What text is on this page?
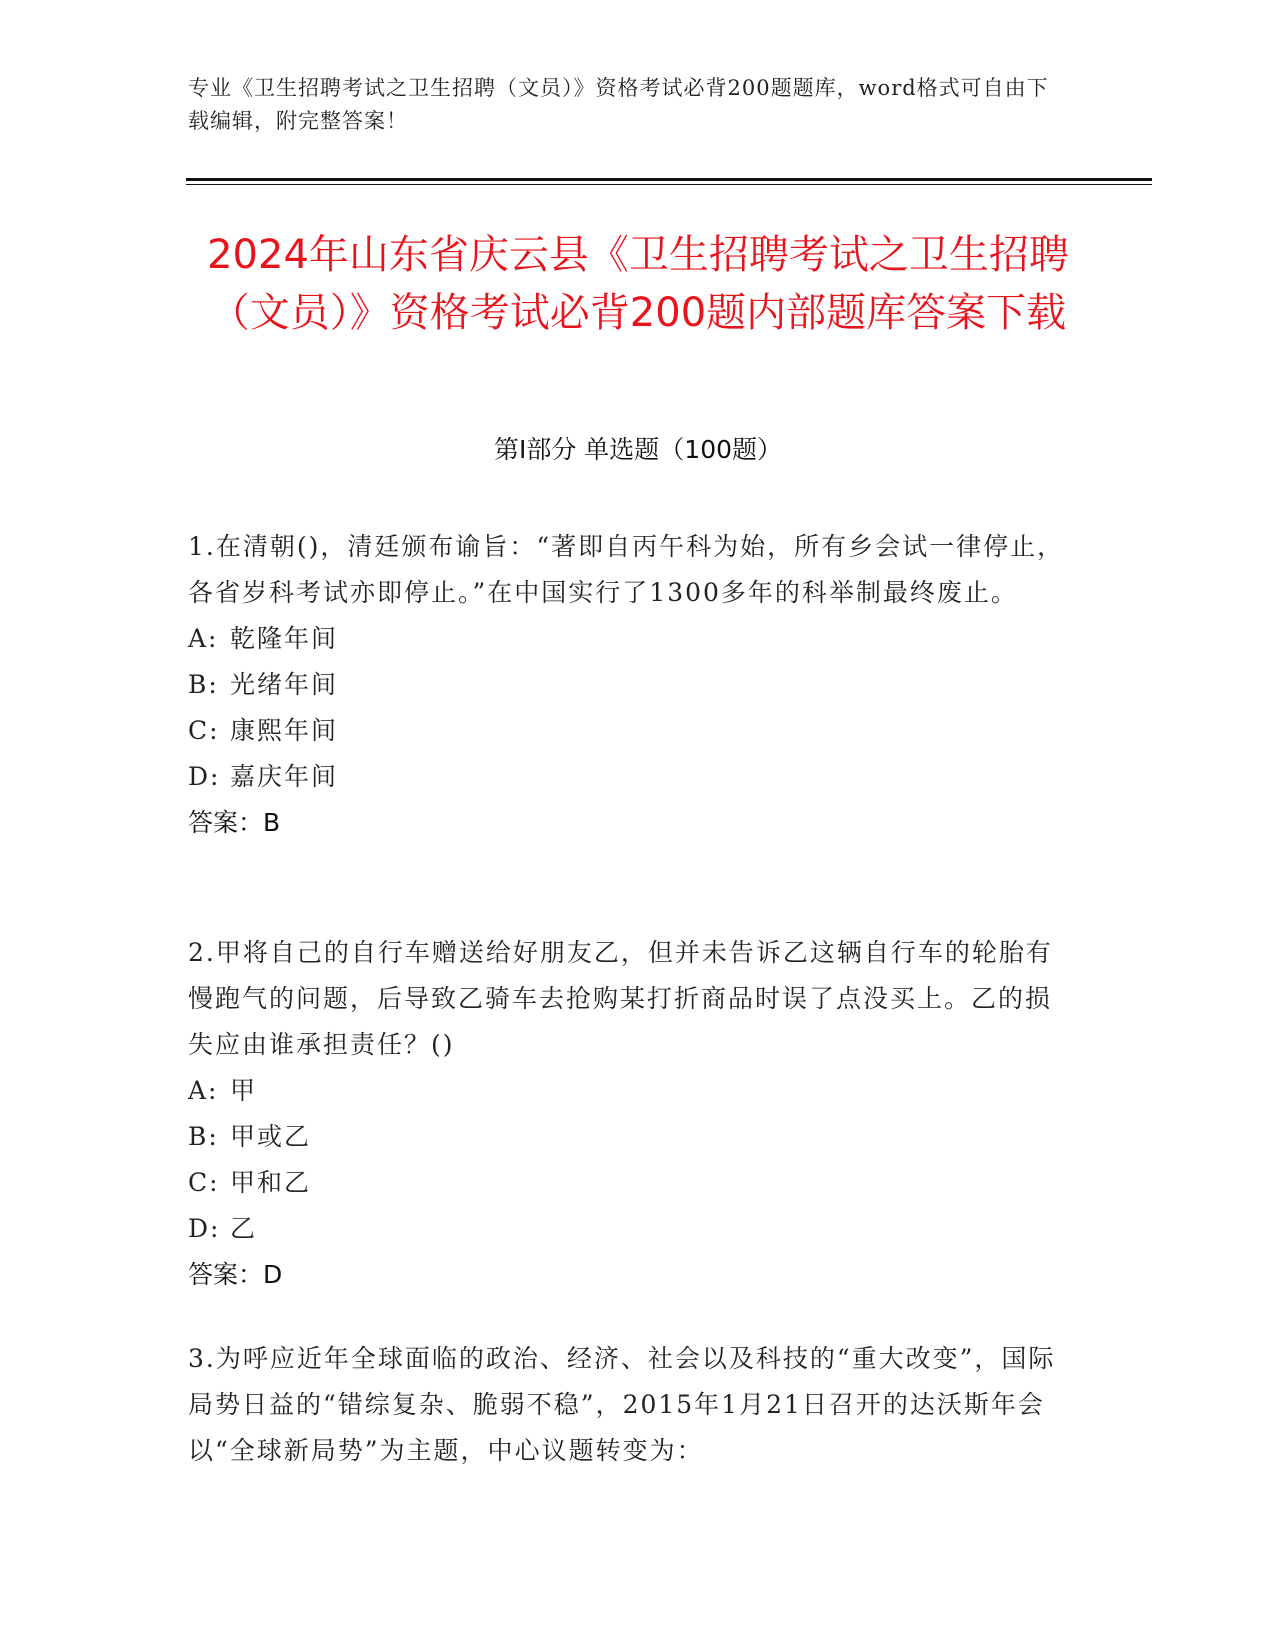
专业《卫生招聘考试之卫生招聘（文员）》资格考试必背200题题库，word格式可自由下载编辑，附完整答案！
2024年山东省庆云县《卫生招聘考试之卫生招聘（文员）》资格考试必背200题内部题库答案下载
第I部分 单选题（100题）
1.在清朝()，清廷颁布谕旨：“著即自丙午科为始，所有乡会试一律停止，各省岁科考试亦即停止。”在中国实行了1300多年的科举制最终废止。
A: 乾隆年间
B: 光绪年间
C: 康熙年间
D: 嘉庆年间
答案：B
2.甲将自己的自行车赠送给好朋友乙，但并未告诉乙这辆自行车的轮胎有慢跑气的问题，后导致乙骑车去抢购某打折商品时误了点没买上。乙的损失应由谁承担责任？()
A: 甲
B: 甲或乙
C: 甲和乙
D: 乙
答案：D
3.为呼应近年全球面临的政治、经济、社会以及科技的“重大改变”，国际局势日益的“错综复杂、脆弱不稳”，2015年1月21日召开的达沃斯年会以“全球新局势”为主题，中心议题转变为：
